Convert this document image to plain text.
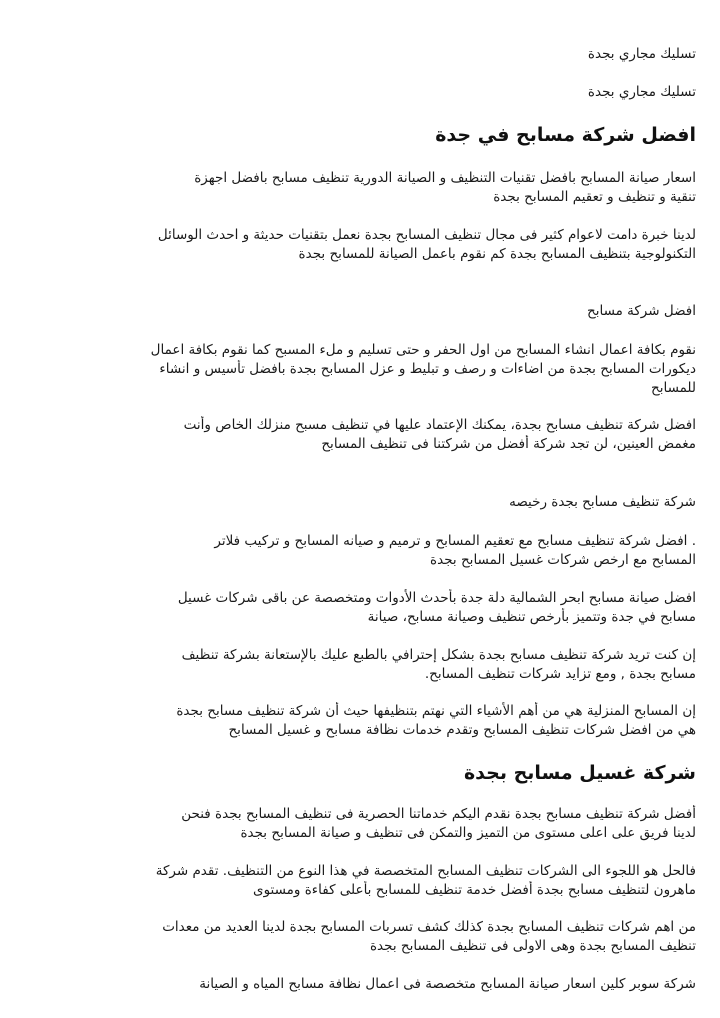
تسليك مجاري بجدة
تسليك مجاري بجدة
افضل شركة مسابح في جدة
اسعار صيانة المسابح بافضل تقنيات التنظيف و الصيانة الدورية تنظيف مسابح بافضل اجهزة
تنقية و تنظيف و تعقيم المسابح بجدة
لدينا خبرة دامت لاعوام كثير فى مجال تنظيف المسابح بجدة نعمل بتقنيات حديثة و احدث الوسائل
التكنولوجية بتنظيف المسابح بجدة كم نقوم باعمل الصيانة للمسابح بجدة
افضل شركة مسابح
نقوم بكافة اعمال انشاء المسابح من اول الحفر و حتى تسليم و ملء المسبح كما نقوم بكافة اعمال
ديكورات المسابح بجدة من اضاءات و رصف و تبليط و عزل المسابح بجدة بافضل تأسيس و انشاء
للمسابح
افضل شركة تنظيف مسابح بجدة، يمكنك الإعتماد عليها في تنظيف مسبح منزلك الخاص وأنت
مغمض العينين، لن تجد شركة أفضل من شركتنا فى تنظيف المسابح
شركة تنظيف مسابح بجدة رخيصه
. افضل شركة تنظيف مسابح مع تعقيم المسابح و ترميم و صيانه المسابح و تركيب فلاتر
المسابح مع ارخص شركات غسيل المسابح بجدة
افضل صيانة مسابح ابحر الشمالية دلة جدة بأحدث الأدوات ومتخصصة عن باقى شركات غسيل
مسابح في جدة وتتميز بأرخص تنظيف وصيانة مسابح، صيانة
إن كنت تريد شركة تنظيف مسابح بجدة بشكل إحترافي بالطبع عليك بالإستعانة بشركة تنظيف
مسابح بجدة , ومع تزايد شركات تنظيف المسابح.
إن المسابح المنزلية هي من أهم الأشياء التي نهتم بتنظيفها حيث أن شركة تنظيف مسابح بجدة
هي من افضل شركات تنظيف المسابح وتقدم خدمات نظافة مسابح و غسيل المسابح
شركة غسيل مسابح بجدة
أفضل شركة تنظيف مسابح بجدة نقدم اليكم خدماتنا الحصرية فى تنظيف المسابح بجدة فنحن
لدينا فريق على اعلى مستوى من التميز والتمكن فى تنظيف و صيانة المسابح بجدة
فالحل هو اللجوء الى الشركات تنظيف المسابح المتخصصة في هذا النوع من التنظيف. تقدم شركة
ماهرون لتنظيف مسابح بجدة أفضل خدمة تنظيف للمسابح بأعلى كفاءة ومستوى
من اهم شركات تنظيف المسابح بجدة كذلك كشف تسربات المسابح بجدة لدينا العديد من معدات
تنظيف المسابح بجدة وهى الاولى فى تنظيف المسابح بجدة
شركة سوبر كلين اسعار صيانة المسابح متخصصة فى اعمال نظافة مسابح المياه و الصيانة
